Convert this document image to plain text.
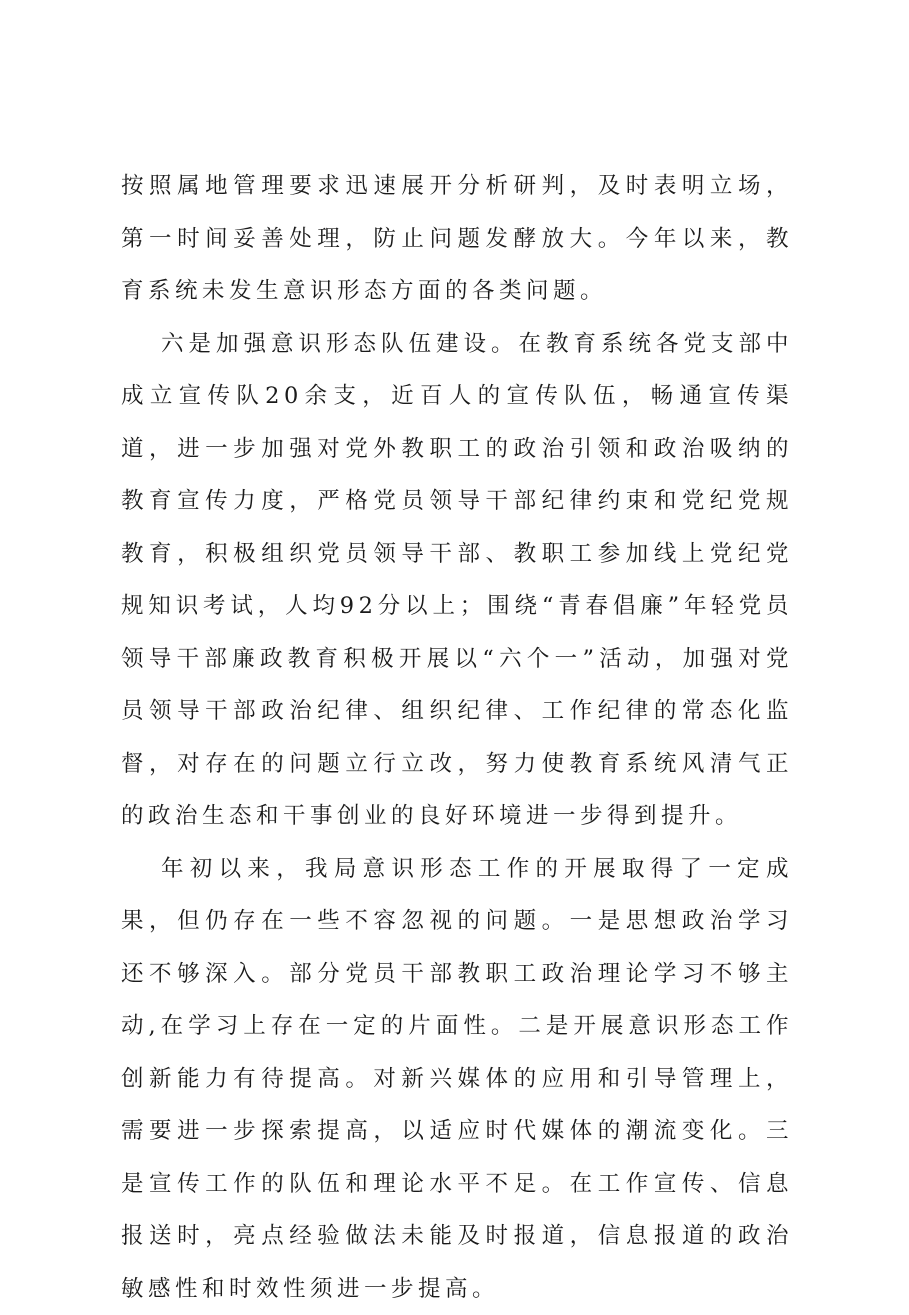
按照属地管理要求迅速展开分析研判，及时表明立场，第一时间妥善处理，防止问题发酵放大。今年以来，教育系统未发生意识形态方面的各类问题。

六是加强意识形态队伍建设。在教育系统各党支部中成立宣传队20余支，近百人的宣传队伍，畅通宣传渠道，进一步加强对党外教职工的政治引领和政治吸纳的教育宣传力度，严格党员领导干部纪律约束和党纪党规教育，积极组织党员领导干部、教职工参加线上党纪党规知识考试，人均92分以上；围绕“青春倡廉”年轻党员领导干部廉政教育积极开展以“六个一”活动，加强对党员领导干部政治纪律、组织纪律、工作纪律的常态化监督，对存在的问题立行立改，努力使教育系统风清气正的政治生态和干事创业的良好环境进一步得到提升。

年初以来，我局意识形态工作的开展取得了一定成果，但仍存在一些不容忽视的问题。一是思想政治学习还不够深入。部分党员干部教职工政治理论学习不够主动,在学习上存在一定的片面性。二是开展意识形态工作创新能力有待提高。对新兴媒体的应用和引导管理上，需要进一步探索提高，以适应时代媒体的潮流变化。三是宣传工作的队伍和理论水平不足。在工作宣传、信息报送时，亮点经验做法未能及时报道，信息报道的政治敏感性和时效性须进一步提高。
